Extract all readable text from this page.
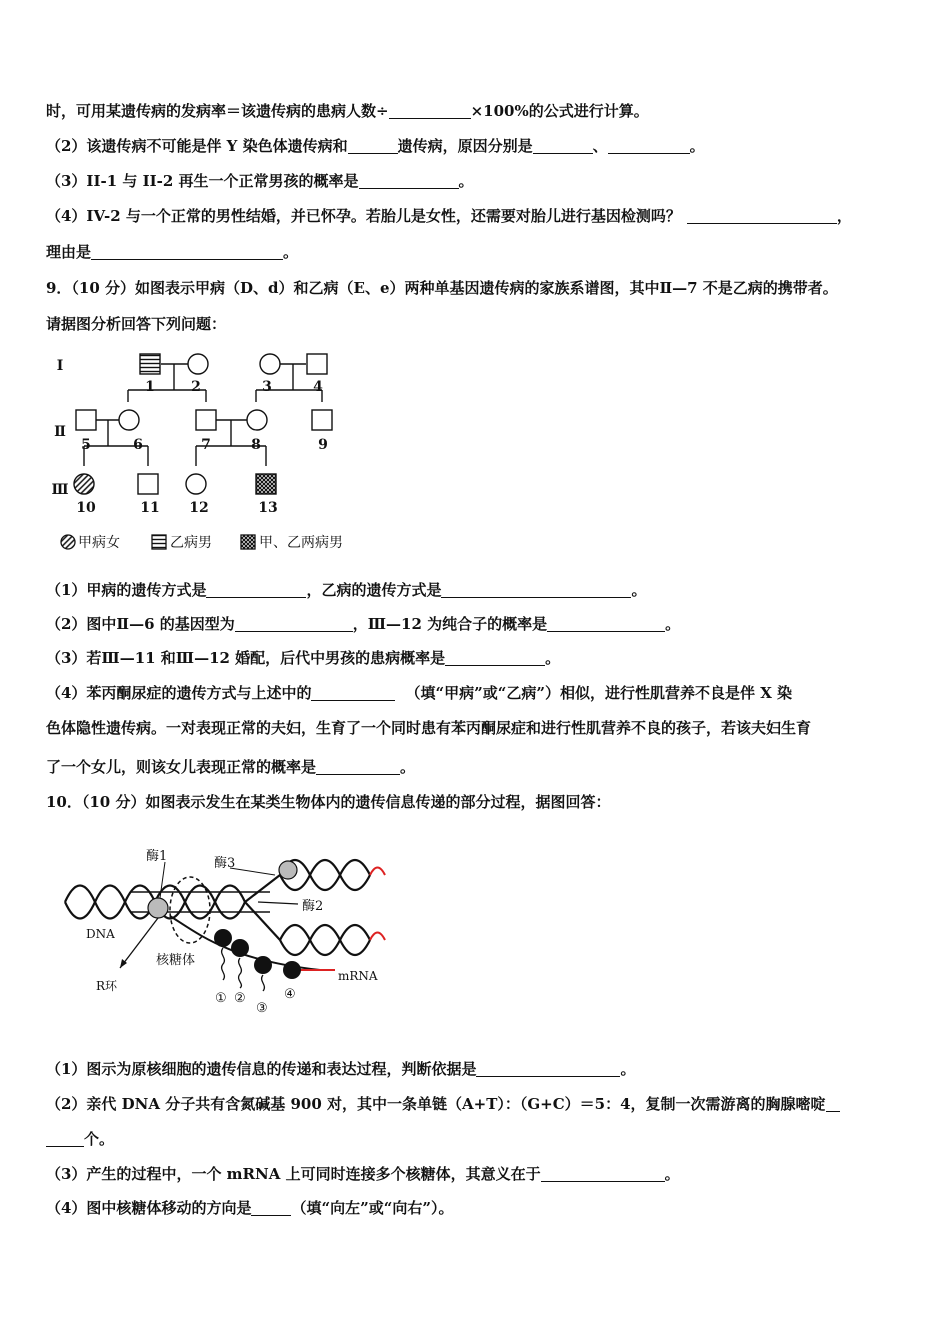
时，可用某遗传病的发病率＝该遗传病的患病人数÷	×100%的公式进行计算。
（2）该遗传病不可能是伴 Y 染色体遗传病和	遗传病，原因分别是	、	。
（3）II-1 与 II-2 再生一个正常男孩的概率是	。
（4）IV-2 与一个正常的男性结婚，并已怀孕。若胎儿是女性，还需要对胎儿进行基因检测吗？	，
理由是	。
9．（10 分）如图表示甲病（D、d）和乙病（E、e）两种单基因遗传病的家族系谱图，其中Ⅱ—7 不是乙病的携带者。
请据图分析回答下列问题：
I
Ⅱ
Ⅲ
1	2	3	4
5	6	7	8	9
10	11 12	13
甲病女	乙病男	甲、乙两病男
（1）甲病的遗传方式是	，乙病的遗传方式是	。
（2）图中Ⅱ—6 的基因型为	，Ⅲ—12 为纯合子的概率是	。
（3）若Ⅲ—11 和Ⅲ—12 婚配，后代中男孩的患病概率是	。
（4）苯丙酮尿症的遗传方式与上述中的	（填“甲病”或“乙病”）相似，进行性肌营养不良是伴 X 染
色体隐性遗传病。一对表现正常的夫妇，生育了一个同时患有苯丙酮尿症和进行性肌营养不良的孩子，若该夫妇生育
了一个女儿，则该女儿表现正常的概率是	。
10．（10 分）如图表示发生在某类生物体内的遗传信息传递的部分过程，据图回答：
酶1	酶3
酶2
DNA
核糖体
R环
mRNA
① ②
③
④
（1）图示为原核细胞的遗传信息的传递和表达过程，判断依据是	。
（2）亲代 DNA 分子共有含氮碱基 900 对，其中一条单链（A+T）：（G+C）＝5：4，复制一次需游离的胸腺嘧啶
个。
（3）产生的过程中，一个 mRNA 上可同时连接多个核糖体，其意义在于	。
（4）图中核糖体移动的方向是	（填“向左”或“向右”）。
